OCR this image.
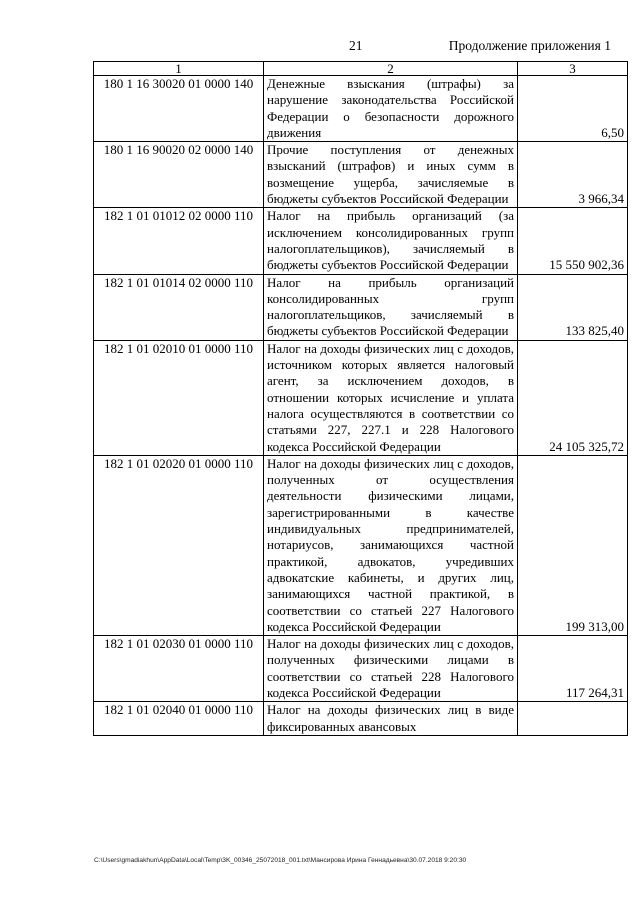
21	Продолжение приложения 1
1	2	3
180 1 16 30020 01 0000 140	Денежные взыскания (штрафы) за нарушение законодательства Российской Федерации о безопасности дорожного движения	6,50
180 1 16 90020 02 0000 140	Прочие поступления от денежных взысканий (штрафов) и иных сумм в возмещение ущерба, зачисляемые в бюджеты субъектов Российской Федерации	3 966,34
182 1 01 01012 02 0000 110	Налог на прибыль организаций (за исключением консолидированных групп налогоплательщиков), зачисляемый в бюджеты субъектов Российской Федерации	15 550 902,36
182 1 01 01014 02 0000 110	Налог на прибыль организаций консолидированных групп налогоплательщиков, зачисляемый в бюджеты субъектов Российской Федерации	133 825,40
182 1 01 02010 01 0000 110	Налог на доходы физических лиц с доходов, источником которых является налоговый агент, за исключением доходов, в отношении которых исчисление и уплата налога осуществляются в соответствии со статьями 227, 227.1 и 228 Налогового кодекса Российской Федерации	24 105 325,72
182 1 01 02020 01 0000 110	Налог на доходы физических лиц с доходов, полученных от осуществления деятельности физическими лицами, зарегистрированными в качестве индивидуальных предпринимателей, нотариусов, занимающихся частной практикой, адвокатов, учредивших адвокатские кабинеты, и других лиц, занимающихся частной практикой, в соответствии со статьей 227 Налогового кодекса Российской Федерации	199 313,00
182 1 01 02030 01 0000 110	Налог на доходы физических лиц с доходов, полученных физическими лицами в соответствии со статьей 228 Налогового кодекса Российской Федерации	117 264,31
182 1 01 02040 01 0000 110	Налог на доходы физических лиц в виде фиксированных авансовых	
C:\Users\gmadiakhun\AppData\Local\Temp\3K_00346_25072018_001.txt\Мансирова Ирина Геннадьевна\30.07.2018 9:20:30
